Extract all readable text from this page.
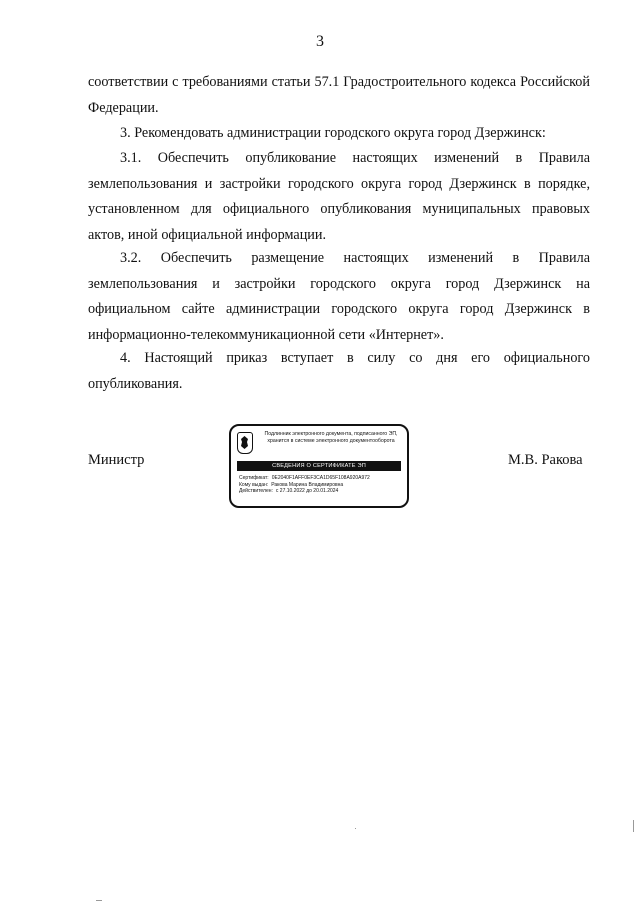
3
соответствии с требованиями статьи 57.1 Градостроительного кодекса Российской Федерации.
3. Рекомендовать администрации городского округа город Дзержинск:
3.1. Обеспечить опубликование настоящих изменений в Правила землепользования и застройки городского округа город Дзержинск в порядке, установленном для официального опубликования муниципальных правовых актов, иной официальной информации.
3.2. Обеспечить размещение настоящих изменений в Правила землепользования и застройки городского округа город Дзержинск на официальном сайте администрации городского округа город Дзержинск в информационно-телекоммуникационной сети «Интернет».
4. Настоящий приказ вступает в силу со дня его официального опубликования.
Министр	М.В. Ракова
Подлинник электронного документа, подписанного ЭП, хранится в системе электронного документооборота
СВЕДЕНИЯ О СЕРТИФИКАТЕ ЭП
Сертификат: 0E2040F1AFF0EF3CA1D65F108A920A972
Кому выдан: Ракова Марина Владимировна
Действителен: с 27.10.2022 до 20.01.2024
